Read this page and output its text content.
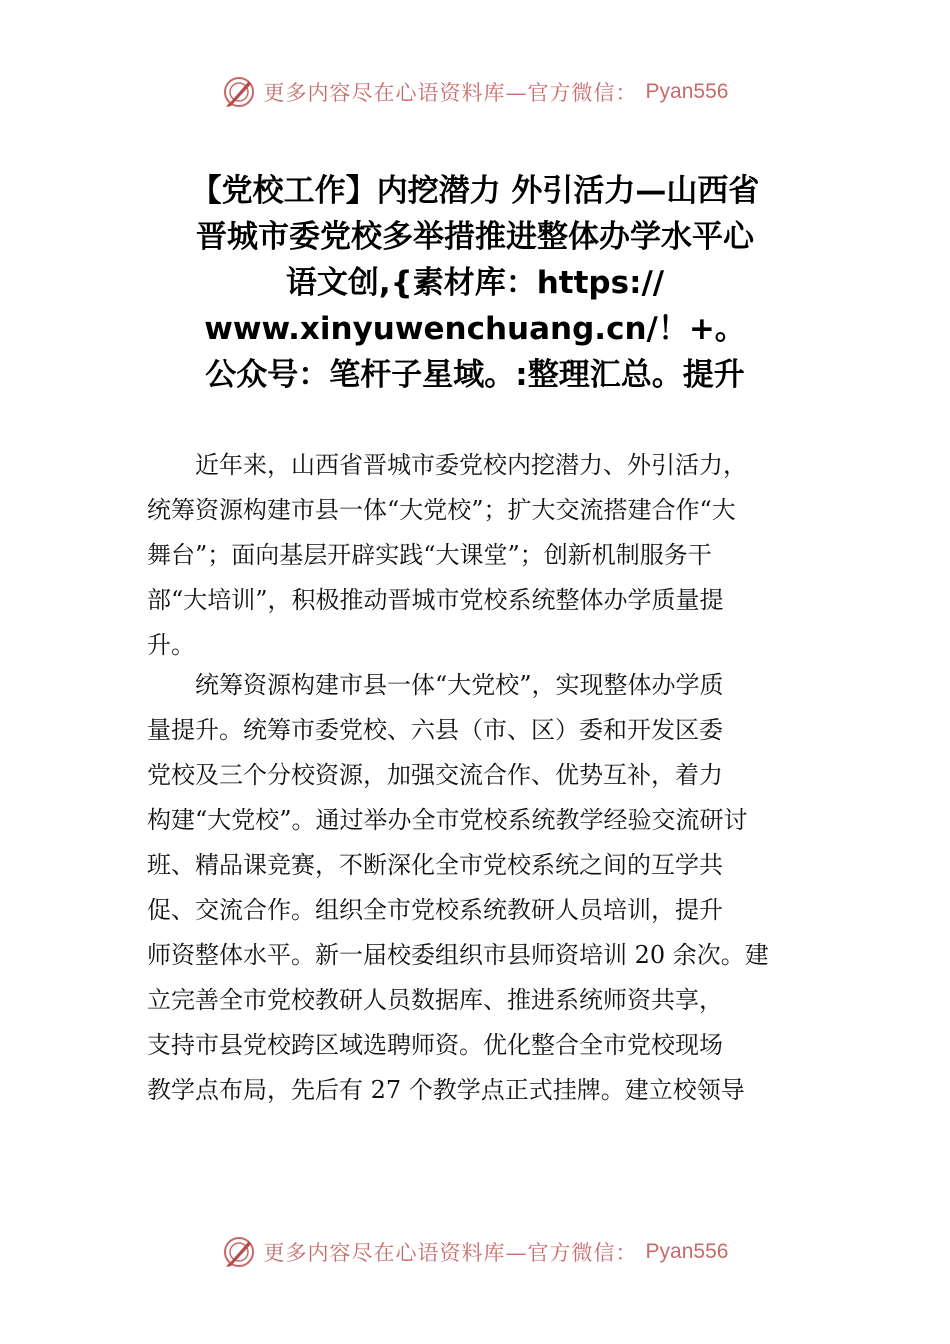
更多内容尽在心语资料库—官方微信： Pyan556
【党校工作】内挖潜力 外引活力—山西省
晋城市委党校多举措推进整体办学水平心
语文创,{素材库：https://
www.xinyuwenchuang.cn/！+。
公众号：笔杆子星域。:整理汇总。提升
　　近年来，山西省晋城市委党校内挖潜力、外引活力，
统筹资源构建市县一体“大党校”；扩大交流搭建合作“大
舞台”；面向基层开辟实践“大课堂”；创新机制服务干
部“大培训”，积极推动晋城市党校系统整体办学质量提
升。
　　统筹资源构建市县一体“大党校”，实现整体办学质
量提升。统筹市委党校、六县（市、区）委和开发区委
党校及三个分校资源，加强交流合作、优势互补，着力
构建“大党校”。通过举办全市党校系统教学经验交流研讨
班、精品课竞赛，不断深化全市党校系统之间的互学共
促、交流合作。组织全市党校系统教研人员培训，提升
师资整体水平。新一届校委组织市县师资培训 20 余次。建
立完善全市党校教研人员数据库、推进系统师资共享，
支持市县党校跨区域选聘师资。优化整合全市党校现场
教学点布局，先后有 27 个教学点正式挂牌。建立校领导
更多内容尽在心语资料库—官方微信： Pyan556
